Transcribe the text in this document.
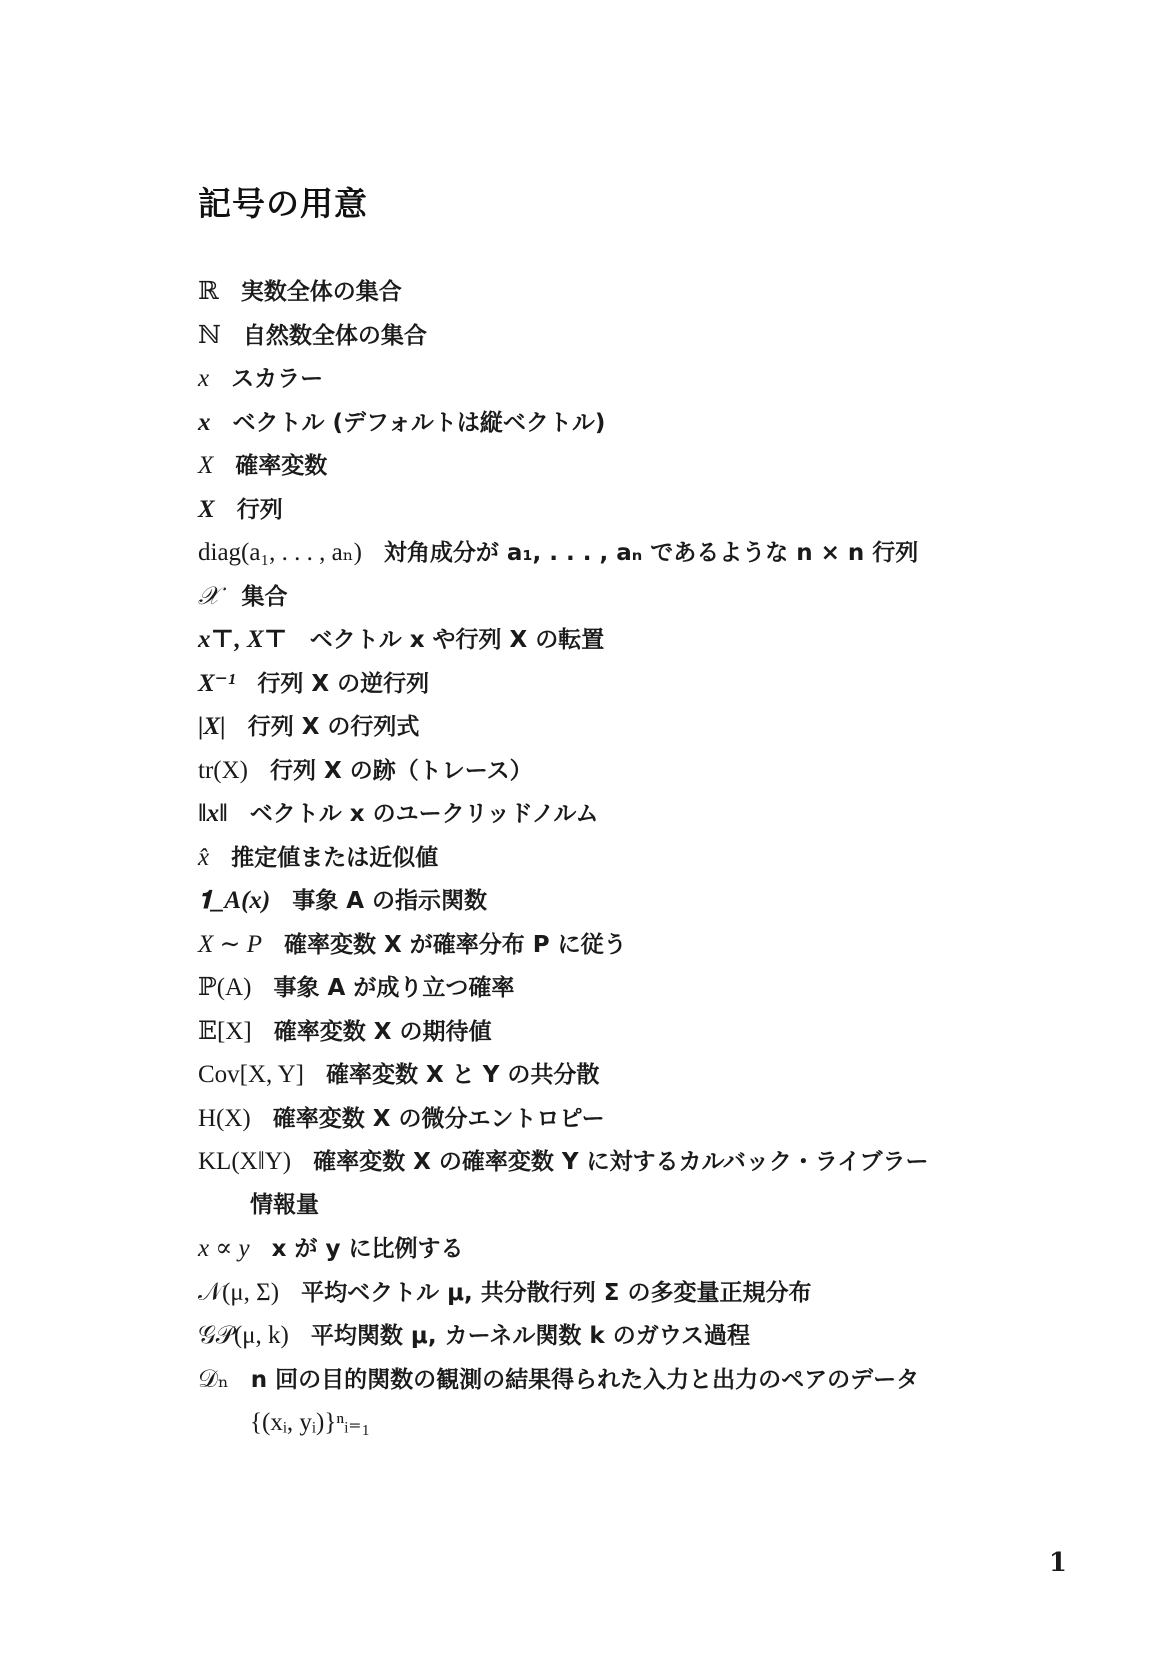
記号の用意
ℝ 実数全体の集合
ℕ 自然数全体の集合
x スカラー
x ベクトル (デフォルトは縦ベクトル)
X 確率変数
X 行列
diag(a₁, . . . , aₙ) 対角成分が a₁, . . . , aₙ であるような n × n 行列
𝒳 集合
x⊤, X⊤ ベクトル x や行列 X の転置
X⁻¹ 行列 X の逆行列
|X| 行列 X の行列式
tr(X) 行列 X の跡（トレース）
‖x‖ ベクトル x のユークリッドノルム
x̂ 推定値または近似値
𝟏_A(x) 事象 A の指示関数
X ∼ P 確率変数 X が確率分布 P に従う
ℙ(A) 事象 A が成り立つ確率
𝔼[X] 確率変数 X の期待値
Cov[X, Y] 確率変数 X と Y の共分散
H(X) 確率変数 X の微分エントロピー
KL(X‖Y) 確率変数 X の確率変数 Y に対するカルバック・ライブラー
情報量
x ∝ y x が y に比例する
𝒩(μ, Σ) 平均ベクトル μ, 共分散行列 Σ の多変量正規分布
𝒢𝒫(μ, k) 平均関数 μ, カーネル関数 k のガウス過程
𝒟ₙ n 回の目的関数の観測の結果得られた入力と出力のペアのデータ
{(xᵢ, yᵢ)}ⁿᵢ₌₁
1
